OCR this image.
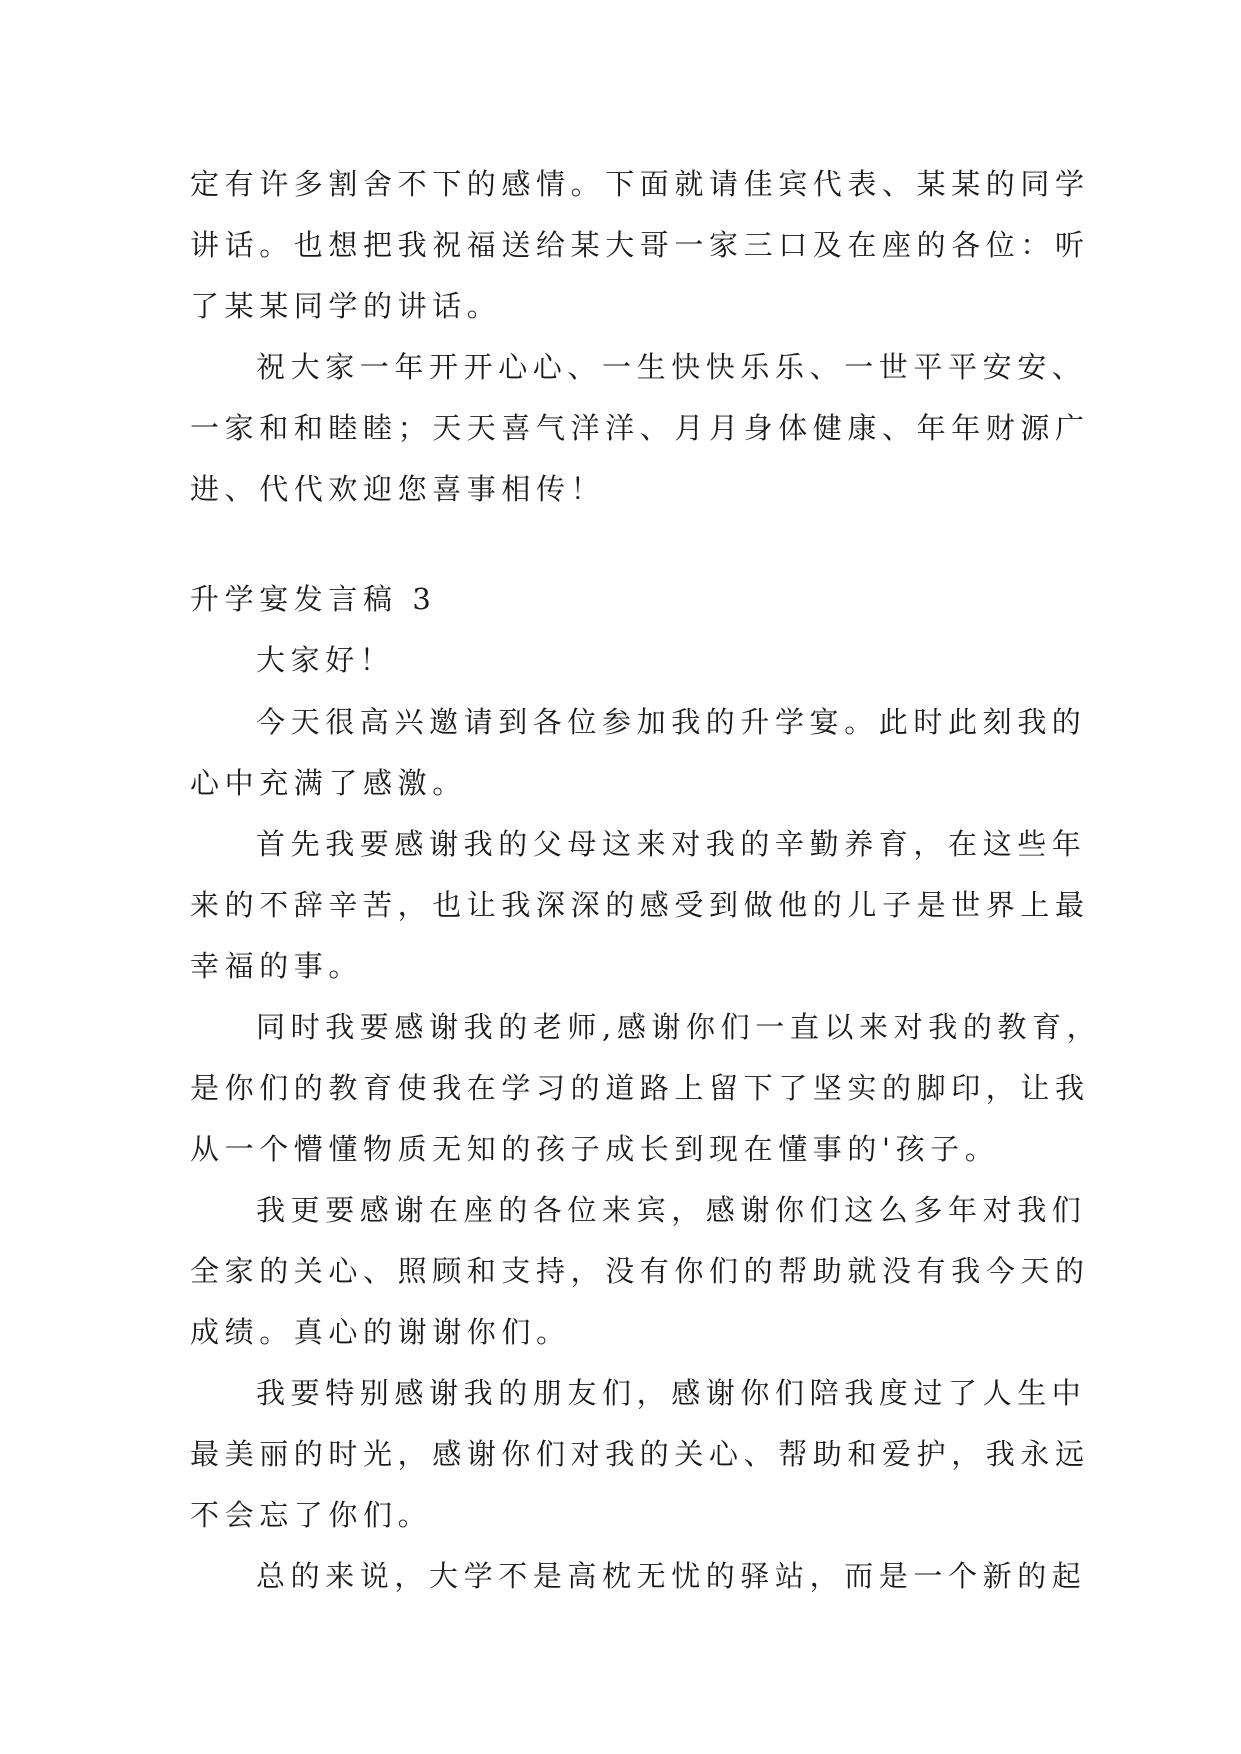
定有许多割舍不下的感情。下面就请佳宾代表、某某的同学
讲话。也想把我祝福送给某大哥一家三口及在座的各位：听
了某某同学的讲话。
祝大家一年开开心心、一生快快乐乐、一世平平安安、
一家和和睦睦；天天喜气洋洋、月月身体健康、年年财源广
进、代代欢迎您喜事相传！
升学宴发言稿 3
大家好！
今天很高兴邀请到各位参加我的升学宴。此时此刻我的
心中充满了感激。
首先我要感谢我的父母这来对我的辛勤养育，在这些年
来的不辞辛苦，也让我深深的感受到做他的儿子是世界上最
幸福的事。
同时我要感谢我的老师,感谢你们一直以来对我的教育，
是你们的教育使我在学习的道路上留下了坚实的脚印，让我
从一个懵懂物质无知的孩子成长到现在懂事的'孩子。
我更要感谢在座的各位来宾，感谢你们这么多年对我们
全家的关心、照顾和支持，没有你们的帮助就没有我今天的
成绩。真心的谢谢你们。
我要特别感谢我的朋友们，感谢你们陪我度过了人生中
最美丽的时光，感谢你们对我的关心、帮助和爱护，我永远
不会忘了你们。
总的来说，大学不是高枕无忧的驿站，而是一个新的起
